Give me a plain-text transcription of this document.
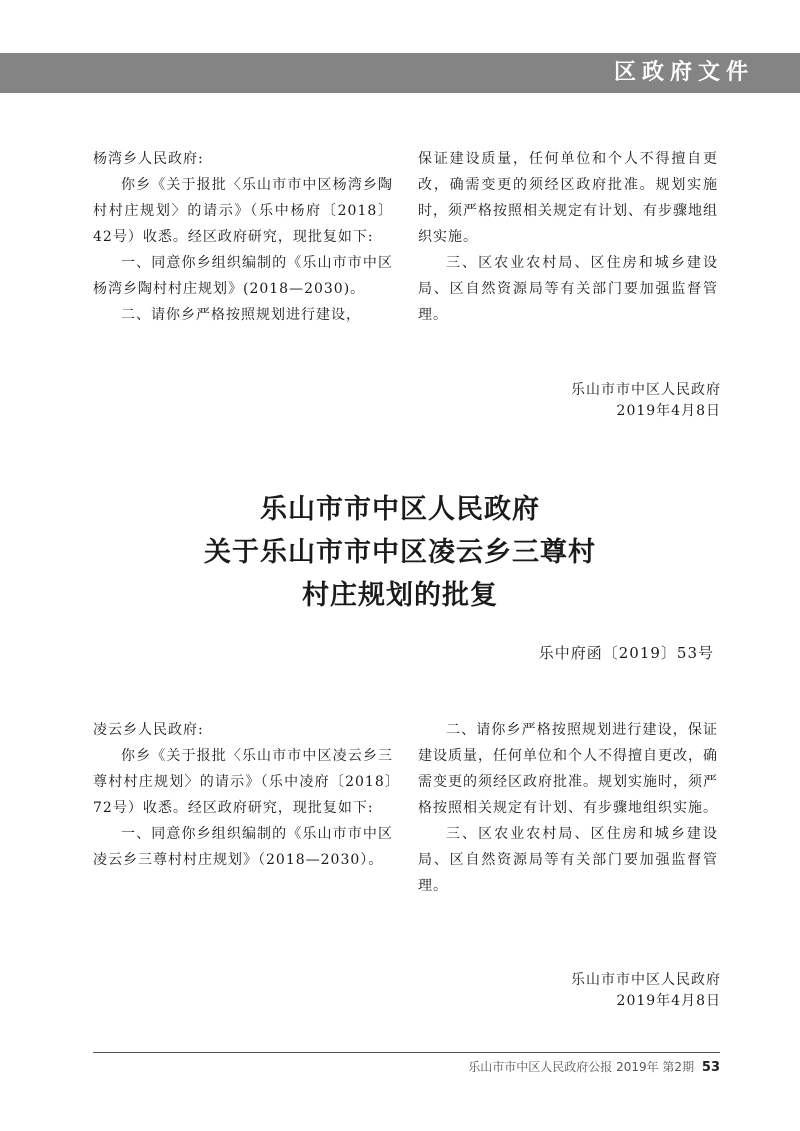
区政府文件

杨湾乡人民政府:

你乡《关于报批〈乐山市市中区杨湾乡陶村村庄规划〉的请示》（乐中杨府〔2018〕42号）收悉。经区政府研究，现批复如下:

一、同意你乡组织编制的《乐山市市中区杨湾乡陶村村庄规划》(2018—2030)。

二、请你乡严格按照规划进行建设，

保证建设质量，任何单位和个人不得擅自更改，确需变更的须经区政府批准。规划实施时，须严格按照相关规定有计划、有步骤地组织实施。

三、区农业农村局、区住房和城乡建设局、区自然资源局等有关部门要加强监督管理。

乐山市市中区人民政府
2019年4月8日
乐山市市中区人民政府
关于乐山市市中区凌云乡三尊村
村庄规划的批复
乐中府函〔2019〕53号

凌云乡人民政府:

你乡《关于报批〈乐山市市中区凌云乡三尊村村庄规划〉的请示》（乐中凌府〔2018〕72号）收悉。经区政府研究，现批复如下:

一、同意你乡组织编制的《乐山市市中区凌云乡三尊村村庄规划》（2018—2030）。

二、请你乡严格按照规划进行建设，保证建设质量，任何单位和个人不得擅自更改，确需变更的须经区政府批准。规划实施时，须严格按照相关规定有计划、有步骤地组织实施。

三、区农业农村局、区住房和城乡建设局、区自然资源局等有关部门要加强监督管理。

乐山市市中区人民政府
2019年4月8日
乐山市市中区人民政府公报 2019年 第2期 53
